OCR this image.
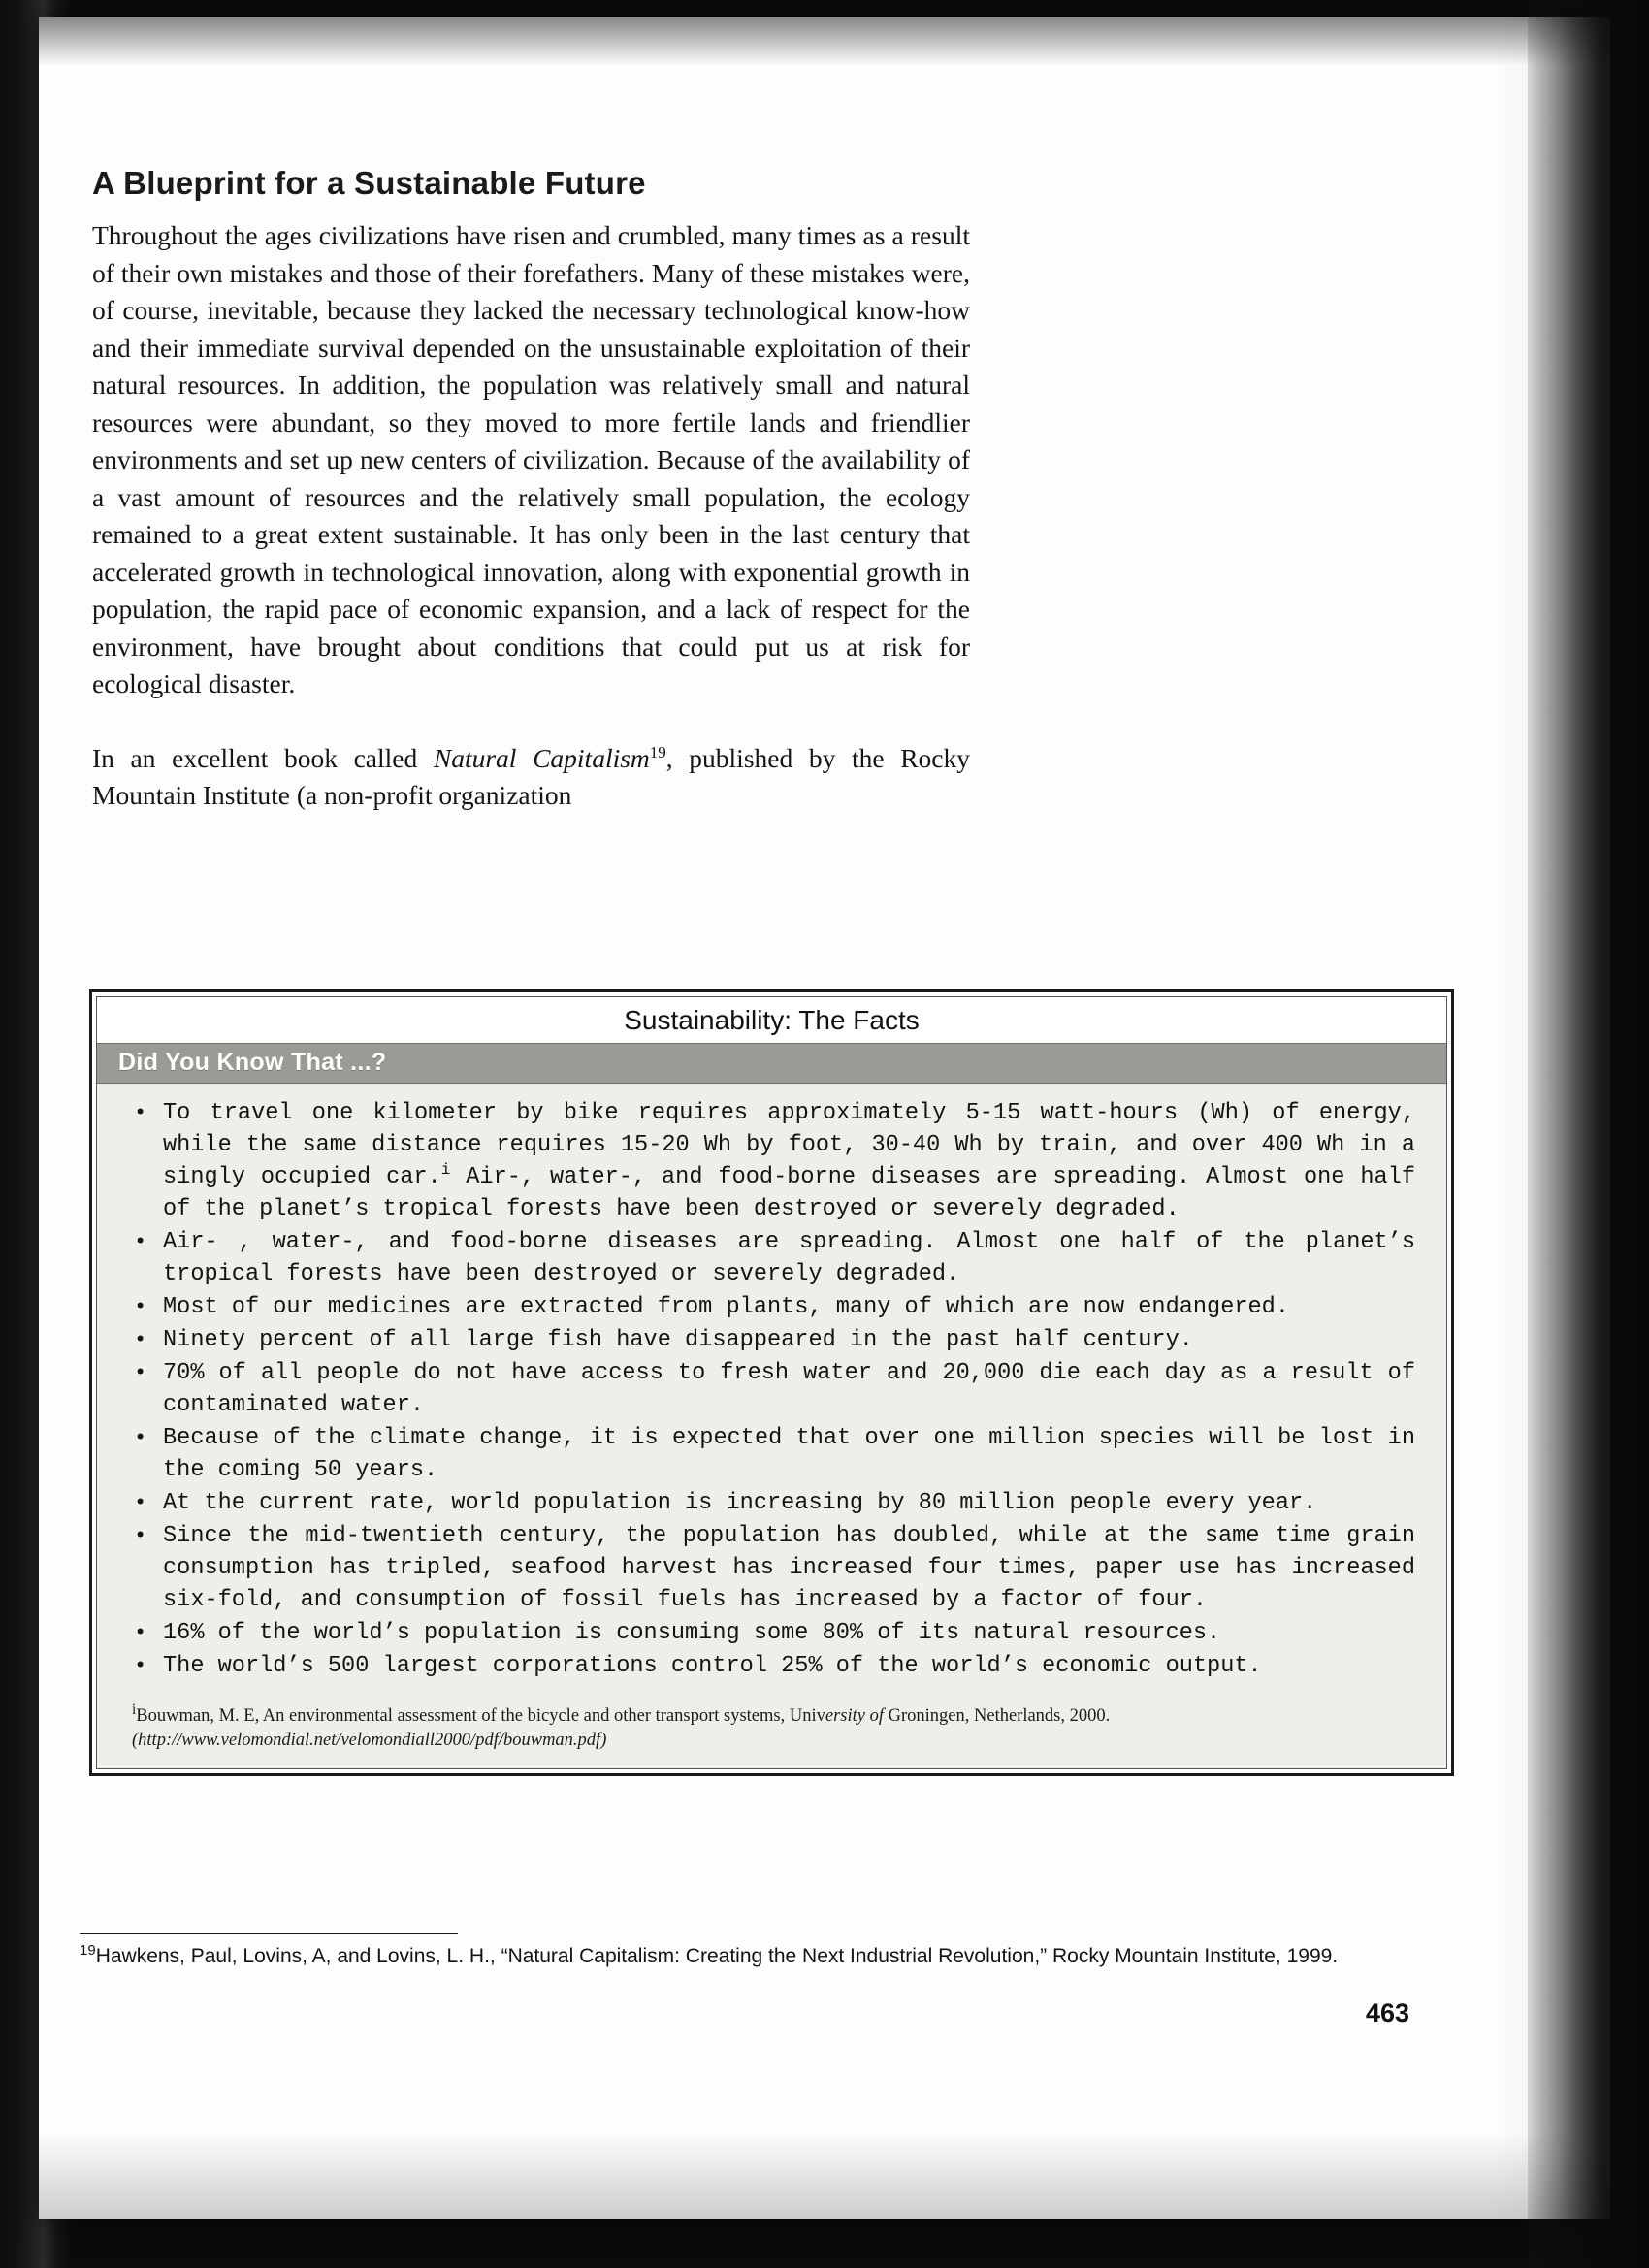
A Blueprint for a Sustainable Future

Throughout the ages civilizations have risen and crumbled, many times as a result of their own mistakes and those of their forefathers. Many of these mistakes were, of course, inevitable, because they lacked the necessary technological know-how and their immediate survival depended on the unsustainable exploitation of their natural resources. In addition, the population was relatively small and natural resources were abundant, so they moved to more fertile lands and friendlier environments and set up new centers of civilization. Because of the availability of a vast amount of resources and the relatively small population, the ecology remained to a great extent sustainable. It has only been in the last century that accelerated growth in technological innovation, along with exponential growth in population, the rapid pace of economic expansion, and a lack of respect for the environment, have brought about conditions that could put us at risk for ecological disaster.

In an excellent book called Natural Capitalism$^{19}$, published by the Rocky Mountain Institute (a non-profit organization

Sustainability: The Facts
Did You Know That ...?
• To travel one kilometer by bike requires approximately 5-15 watt-hours (Wh) of energy, while the same distance requires 15-20 Wh by foot, 30-40 Wh by train, and over 400 Wh in a singly occupied car.$^i$ Air-, water-, and food-borne diseases are spreading. Almost one half of the planet’s tropical forests have been destroyed or severely degraded.
• Air- , water-, and food-borne diseases are spreading. Almost one half of the planet’s tropical forests have been destroyed or severely degraded.
• Most of our medicines are extracted from plants, many of which are now endangered.
• Ninety percent of all large fish have disappeared in the past half century.
• 70% of all people do not have access to fresh water and 20,000 die each day as a result of contaminated water.
• Because of the climate change, it is expected that over one million species will be lost in the coming 50 years.
• At the current rate, world population is increasing by 80 million people every year.
• Since the mid-twentieth century, the population has doubled, while at the same time grain consumption has tripled, seafood harvest has increased four times, paper use has increased six-fold, and consumption of fossil fuels has increased by a factor of four.
• 16% of the world’s population is consuming some 80% of its natural resources.
• The world’s 500 largest corporations control 25% of the world’s economic output.
$^i$Bouwman, M. E, An environmental assessment of the bicycle and other transport systems, University of Groningen, Netherlands, 2000. (http://www.velomondial.net/velomondiall2000/pdf/bouwman.pdf)
$^{19}$Hawkens, Paul, Lovins, A, and Lovins, L. H., “Natural Capitalism: Creating the Next Industrial Revolution,” Rocky Mountain Institute, 1999.
463
